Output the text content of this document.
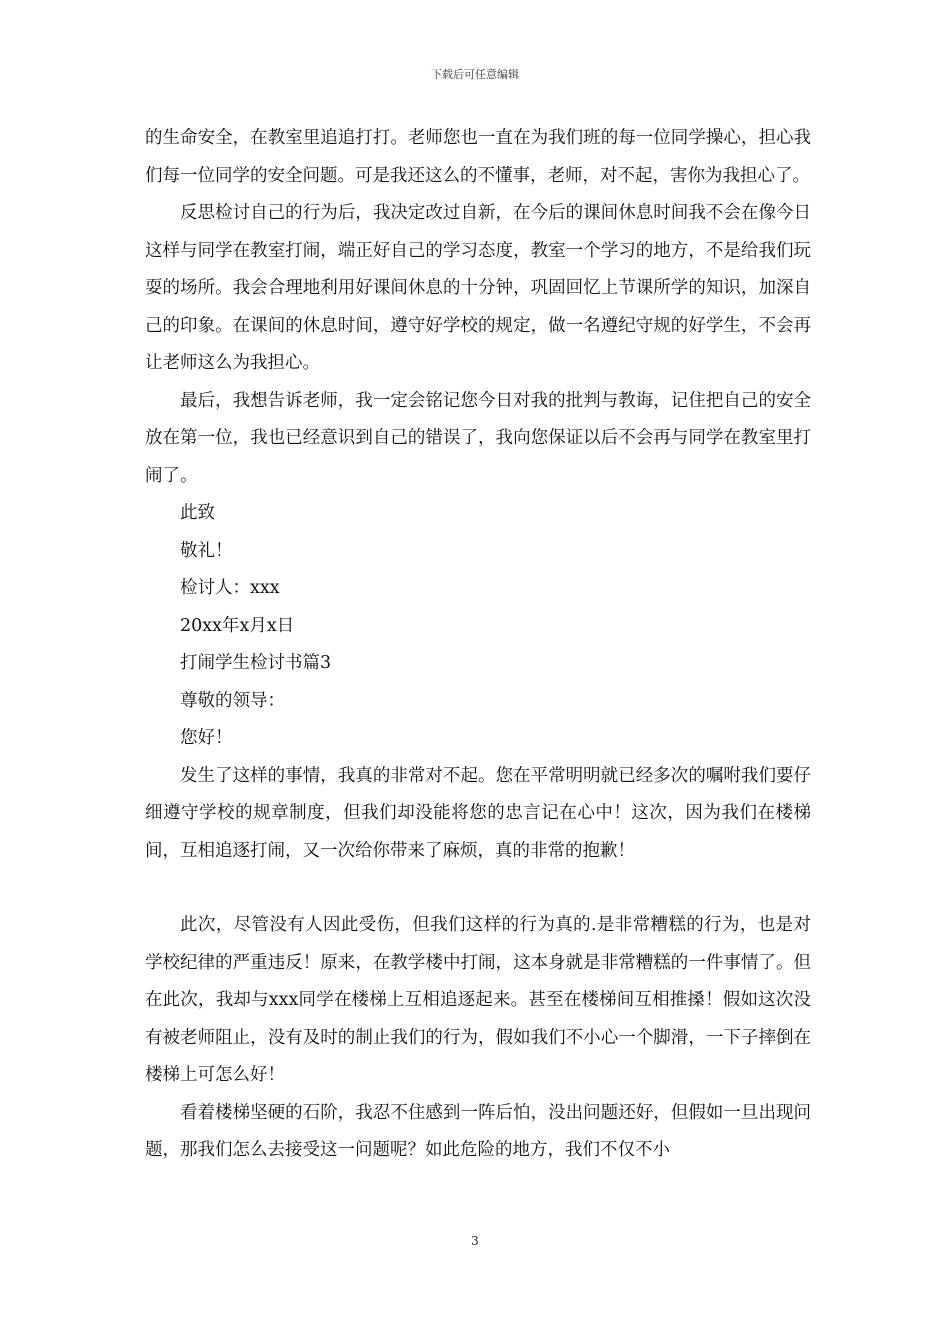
下载后可任意编辑

的生命安全，在教室里追追打打。老师您也一直在为我们班的每一位同学操心，担心我们每一位同学的安全问题。可是我还这么的不懂事，老师，对不起，害你为我担心了。

反思检讨自己的行为后，我决定改过自新，在今后的课间休息时间我不会在像今日这样与同学在教室打闹，端正好自己的学习态度，教室一个学习的地方，不是给我们玩耍的场所。我会合理地利用好课间休息的十分钟，巩固回忆上节课所学的知识，加深自己的印象。在课间的休息时间，遵守好学校的规定，做一名遵纪守规的好学生，不会再让老师这么为我担心。

最后，我想告诉老师，我一定会铭记您今日对我的批判与教诲，记住把自己的安全放在第一位，我也已经意识到自己的错误了，我向您保证以后不会再与同学在教室里打闹了。

此致

敬礼！

检讨人：xxx

20xx年x月x日

打闹学生检讨书篇3

尊敬的领导：

您好！

发生了这样的事情，我真的非常对不起。您在平常明明就已经多次的嘱咐我们要仔细遵守学校的规章制度，但我们却没能将您的忠言记在心中！这次，因为我们在楼梯间，互相追逐打闹，又一次给你带来了麻烦，真的非常的抱歉！

此次，尽管没有人因此受伤，但我们这样的行为真的.是非常糟糕的行为，也是对学校纪律的严重违反！原来，在教学楼中打闹，这本身就是非常糟糕的一件事情了。但在此次，我却与xxx同学在楼梯上互相追逐起来。甚至在楼梯间互相推搡！假如这次没有被老师阻止，没有及时的制止我们的行为，假如我们不小心一个脚滑，一下子摔倒在楼梯上可怎么好！

看着楼梯坚硬的石阶，我忍不住感到一阵后怕，没出问题还好，但假如一旦出现问题，那我们怎么去接受这一问题呢？如此危险的地方，我们不仅不小

3
